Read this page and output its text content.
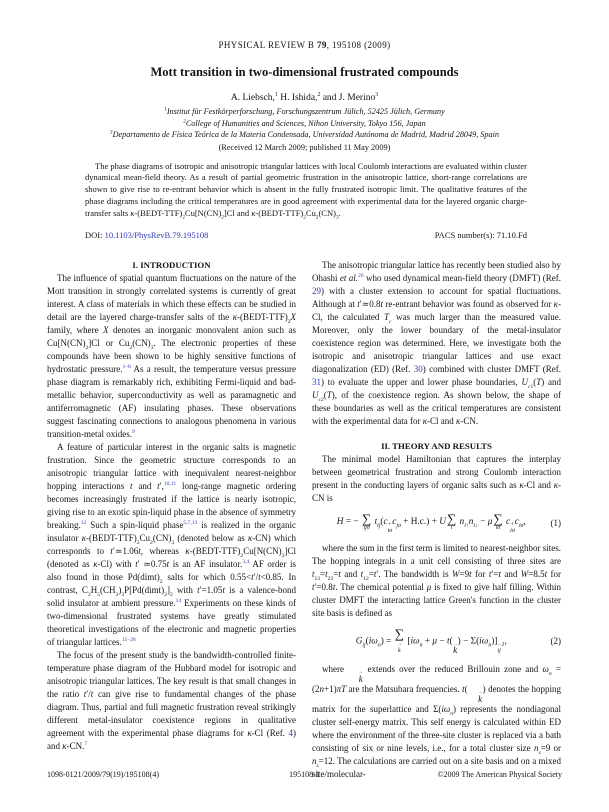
PHYSICAL REVIEW B 79, 195108 (2009)
Mott transition in two-dimensional frustrated compounds
A. Liebsch,$^1$ H. Ishida,$^2$ and J. Merino$^3$
$^1$Institut für Festkörperforschung, Forschungszentrum Jülich, 52425 Jülich, Germany
$^2$College of Humanities and Sciences, Nihon University, Tokyo 156, Japan
$^3$Departamento de Física Teórica de la Materia Condensada, Universidad Autónoma de Madrid, Madrid 28049, Spain
(Received 12 March 2009; published 11 May 2009)
The phase diagrams of isotropic and anisotropic triangular lattices with local Coulomb interactions are evaluated within cluster dynamical mean-field theory. As a result of partial geometric frustration in the anisotropic lattice, short-range correlations are shown to give rise to re-entrant behavior which is absent in the fully frustrated isotropic limit. The qualitative features of the phase diagrams including the critical temperatures are in good agreement with experimental data for the layered organic charge-transfer salts $\kappa-(BEDT-TTF)_2Cu[N(CN)_2]Cl$ and $\kappa-(BEDT-TTF)_2Cu_2(CN)_3$.
DOI: 10.1103/PhysRevB.79.195108	PACS number(s): 71.10.Fd

I. INTRODUCTION

The influence of spatial quantum fluctuations on the nature of the Mott transition in strongly correlated systems is currently of great interest. A class of materials in which these effects can be studied in detail are the layered charge-transfer salts of the $\kappa-(BEDT-TTF)_2X$ family, where X denotes an inorganic monovalent anion such as $Cu[N(CN)_2]Cl$ or $Cu_2(CN)_3$. The electronic properties of these compounds have been shown to be highly sensitive functions of hydrostatic pressure.$^{1-8}$ As a result, the temperature versus pressure phase diagram is remarkably rich, exhibiting Fermi-liquid and bad-metallic behavior, superconductivity as well as paramagnetic and antiferromagnetic (AF) insulating phases. These observations suggest fascinating connections to analogous phenomena in various transition-metal oxides.$^9$

A feature of particular interest in the organic salts is magnetic frustration. Since the geometric structure corresponds to an anisotropic triangular lattice with inequivalent nearest-neighbor hopping interactions t and t′,$^{10,11}$ long-range magnetic ordering becomes increasingly frustrated if the lattice is nearly isotropic, giving rise to an exotic spin-liquid phase in the absence of symmetry breaking.$^{12}$ Such a spin-liquid phase$^{5,7,13}$ is realized in the organic insulator $\kappa-(BEDT-TTF)_2Cu_2(CN)_3$ (denoted below as κ-CN) which corresponds to t′≃1.06t, whereas $\kappa-(BEDT-TTF)_2Cu[N(CN)_2]Cl$ (denoted as κ-Cl) with t′ ≃0.75t is an AF insulator.$^{3,4}$ AF order is also found in those $Pd(dimt)_2$ salts for which 0.55<t′/t<0.85. In contrast, $C_2H_5(CH_3)_3P[Pd(dimt)_2]_2$ with t′=1.05t is a valence-bond solid insulator at ambient pressure.$^{14}$ Experiments on these kinds of two-dimensional frustrated systems have greatly stimulated theoretical investigations of the electronic and magnetic properties of triangular lattices.$^{15-28}$

The focus of the present study is the bandwidth-controlled finite-temperature phase diagram of the Hubbard model for isotropic and anisotropic triangular lattices. The key result is that small changes in the ratio t′/t can give rise to fundamental changes of the phase diagram. Thus, partial and full magnetic frustration reveal strikingly different metal-insulator coexistence regions in qualitative agreement with the experimental phase diagrams for κ-Cl (Ref. 4) and κ-CN.$^7$

The anisotropic triangular lattice has recently been studied also by Ohashi et al.$^{26}$ who used dynamical mean-field theory (DMFT) (Ref. 29) with a cluster extension to account for spatial fluctuations. Although at t′≃0.8t re-entrant behavior was found as observed for κ-Cl, the calculated $T_c$ was much larger than the measured value. Moreover, only the lower boundary of the metal-insulator coexistence region was determined. Here, we investigate both the isotropic and anisotropic triangular lattices and use exact diagonalization (ED) (Ref. 30) combined with cluster DMFT (Ref. 31) to evaluate the upper and lower phase boundaries, $U_{c1}(T)$ and $U_{c2}(T)$, of the coexistence region. As shown below, the shape of these boundaries as well as the critical temperatures are consistent with the experimental data for κ-Cl and κ-CN.

II. THEORY AND RESULTS

The minimal model Hamiltonian that captures the interplay between geometrical frustration and strong Coulomb interaction present in the conducting layers of organic salts such as κ-Cl and κ-CN is

H = − ∑
ijσ
$t_{ij}(c$ +
iσ
$c_{j\sigma} + H.c.) + U$ ∑
i
$n_{i↑}n_{i↓} - \mu$ ∑
iσ
c +
iσ
$c_{i\sigma}$,	(1)

where the sum in the first term is limited to nearest-neighbor sites. The hopping integrals in a unit cell consisting of three sites are $t_{13}=t_{23}=t$ and $t_{12}=t'$. The bandwidth is W=9t for t′=t and W=8.5t for t′=0.8t. The chemical potential μ is fixed to give half filling. Within cluster DMFT the interacting lattice Green's function in the cluster site basis is defined as

$G_{ij}(i\omega_n)$ =
∑
→
k
[$i\omega_n + \mu - t$( →
k
) − $\Sigma(i\omega_n)] -1$
ij
,	(2)

where	→
k
extends over the reduced Brillouin zone and $\omega_n =(2n+1)\pi T$ are the Matsubara frequencies. t(	→
k
) denotes the hopping matrix for the superlattice and $\Sigma(i\omega_n)$ represents the nondiagonal cluster self-energy matrix. This self energy is calculated within ED where the environment of the three-site cluster is replaced via a bath consisting of six or nine levels, i.e., for a total cluster size $n_s=9$ or $n_s=12$. The calculations are carried out on a site basis and on a mixed site/molecular-

1098-0121/2009/79(19)/195108(4)	195108-1	©2009 The American Physical Society
